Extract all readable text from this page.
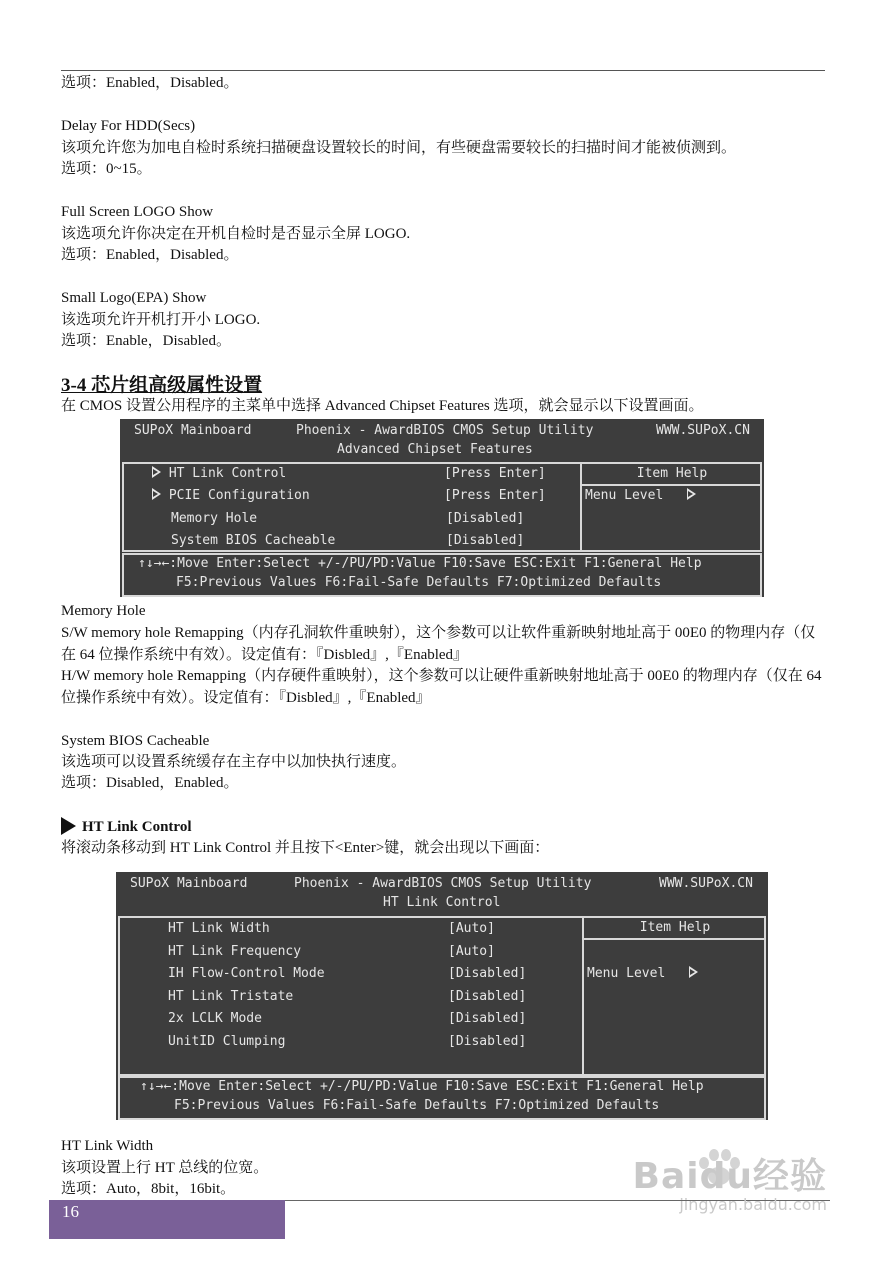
选项：Enabled，Disabled。
Delay For HDD(Secs)
该项允许您为加电自检时系统扫描硬盘设置较长的时间，有些硬盘需要较长的扫描时间才能被侦测到。
选项：0~15。
Full Screen LOGO Show
该选项允许你决定在开机自检时是否显示全屏 LOGO.
选项：Enabled，Disabled。
Small Logo(EPA) Show
该选项允许开机打开小 LOGO.
选项：Enable，Disabled。
3-4 芯片组高级属性设置
在 CMOS 设置公用程序的主菜单中选择 Advanced Chipset Features 选项，就会显示以下设置画面。
SUPoX Mainboard	Phoenix - AwardBIOS CMOS Setup Utility	WWW.SUPoX.CN
Advanced Chipset Features
HT Link Control	[Press Enter]
PCIE Configuration	[Press Enter]
Memory Hole	[Disabled]
System BIOS Cacheable	[Disabled]
Item Help
Menu Level
↑↓→←:Move Enter:Select +/-/PU/PD:Value F10:Save ESC:Exit F1:General Help
F5:Previous Values F6:Fail-Safe Defaults F7:Optimized Defaults
Memory Hole
S/W memory hole Remapping（内存孔洞软件重映射），这个参数可以让软件重新映射地址高于 00E0 的物理内存（仅在 64 位操作系统中有效）。设定值有：『Disbled』,『Enabled』
H/W memory hole Remapping（内存硬件重映射），这个参数可以让硬件重新映射地址高于 00E0 的物理内存（仅在 64 位操作系统中有效）。设定值有：『Disbled』,『Enabled』
System BIOS Cacheable
该选项可以设置系统缓存在主存中以加快执行速度。
选项：Disabled，Enabled。
HT Link Control
将滚动条移动到 HT Link Control 并且按下<Enter>键，就会出现以下画面：
SUPoX Mainboard	Phoenix - AwardBIOS CMOS Setup Utility	WWW.SUPoX.CN
HT Link Control
HT Link Width	[Auto]
HT Link Frequency	[Auto]
IH Flow-Control Mode	[Disabled]
HT Link Tristate	[Disabled]
2x LCLK Mode	[Disabled]
UnitID Clumping	[Disabled]
Item Help
Menu Level
↑↓→←:Move Enter:Select +/-/PU/PD:Value F10:Save ESC:Exit F1:General Help
F5:Previous Values F6:Fail-Safe Defaults F7:Optimized Defaults
HT Link Width
该项设置上行 HT 总线的位宽。
选项：Auto，8bit，16bit。
16
Baidu经验
jingyan.baidu.com
